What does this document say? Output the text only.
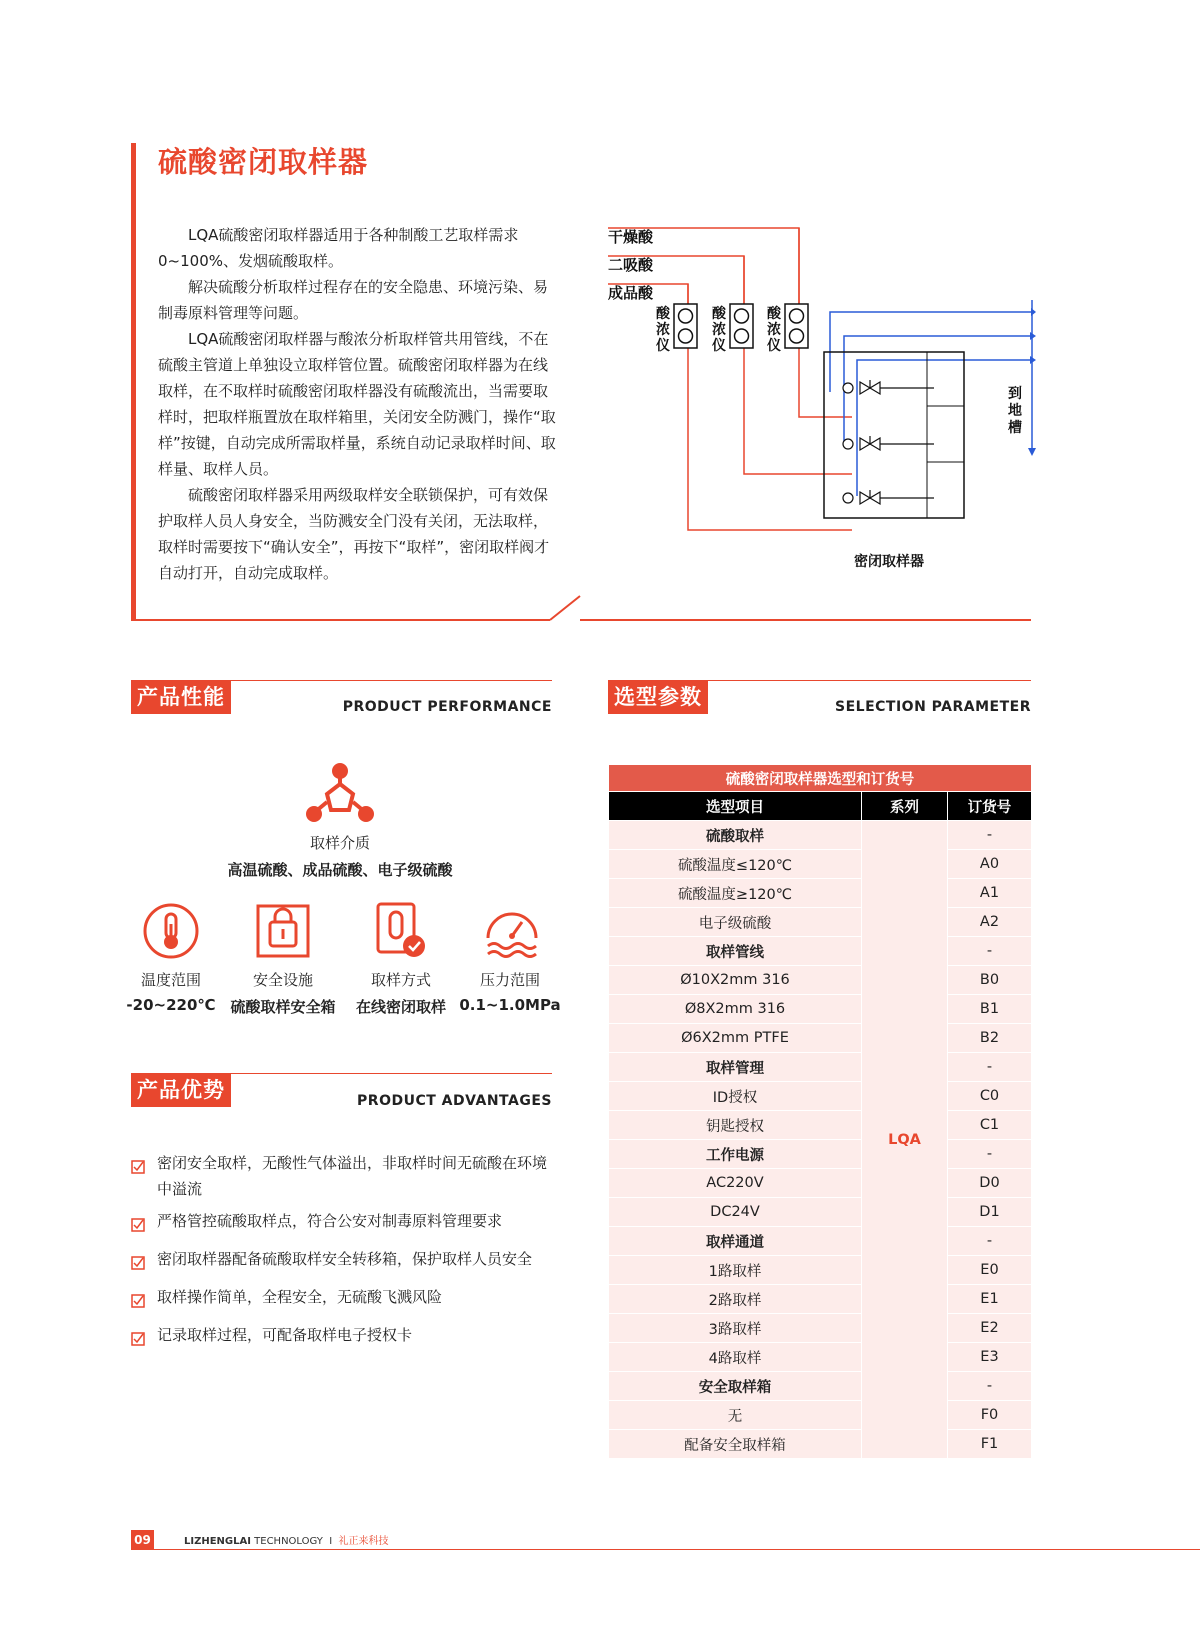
硫酸密闭取样器

LQA硫酸密闭取样器适用于各种制酸工艺取样需求0~100%、发烟硫酸取样。

解决硫酸分析取样过程存在的安全隐患、环境污染、易制毒原料管理等问题。

LQA硫酸密闭取样器与酸浓分析取样管共用管线，不在硫酸主管道上单独设立取样管位置。硫酸密闭取样器为在线取样，在不取样时硫酸密闭取样器没有硫酸流出，当需要取样时，把取样瓶置放在取样箱里，关闭安全防溅门，操作“取样”按键，自动完成所需取样量，系统自动记录取样时间、取样量、取样人员。

硫酸密闭取样器采用两级取样安全联锁保护，可有效保护取样人员人身安全，当防溅安全门没有关闭，无法取样，取样时需要按下“确认安全”，再按下“取样”，密闭取样阀才自动打开，自动完成取样。

干燥酸
二吸酸
成品酸
酸
浓
仪
酸
浓
仪
酸
浓
仪
到
地
槽
密闭取样器
产品性能	PRODUCT PERFORMANCE
取样介质
高温硫酸、成品硫酸、电子级硫酸
温度范围	安全设施	取样方式	压力范围
-20~220℃ 硫酸取样安全箱	在线密闭取样 0.1~1.0MPa
产品优势	PRODUCT ADVANTAGES
密闭安全取样，无酸性气体溢出，非取样时间无硫酸在环境中溢流
严格管控硫酸取样点，符合公安对制毒原料管理要求
密闭取样器配备硫酸取样安全转移箱，保护取样人员安全
取样操作简单，全程安全，无硫酸飞溅风险
记录取样过程，可配备取样电子授权卡
选型参数	SELECTION PARAMETER
硫酸密闭取样器选型和订货号		
选型项目	系列	订货号
硫酸取样	LQA	-
硫酸温度≤120℃		A0
硫酸温度≥120℃		A1
电子级硫酸		A2
取样管线		-
Ø10X2mm 316		B0
Ø8X2mm 316		B1
Ø6X2mm PTFE		B2
取样管理		-
ID授权		C0
钥匙授权		C1
工作电源		-
AC220V		D0
DC24V		D1
取样通道		-
1路取样		E0
2路取样		E1
3路取样		E2
4路取样		E3
安全取样箱		-
无		F0
配备安全取样箱		F1
09	LIZHENGLAI TECHNOLOGY I 礼正来科技
